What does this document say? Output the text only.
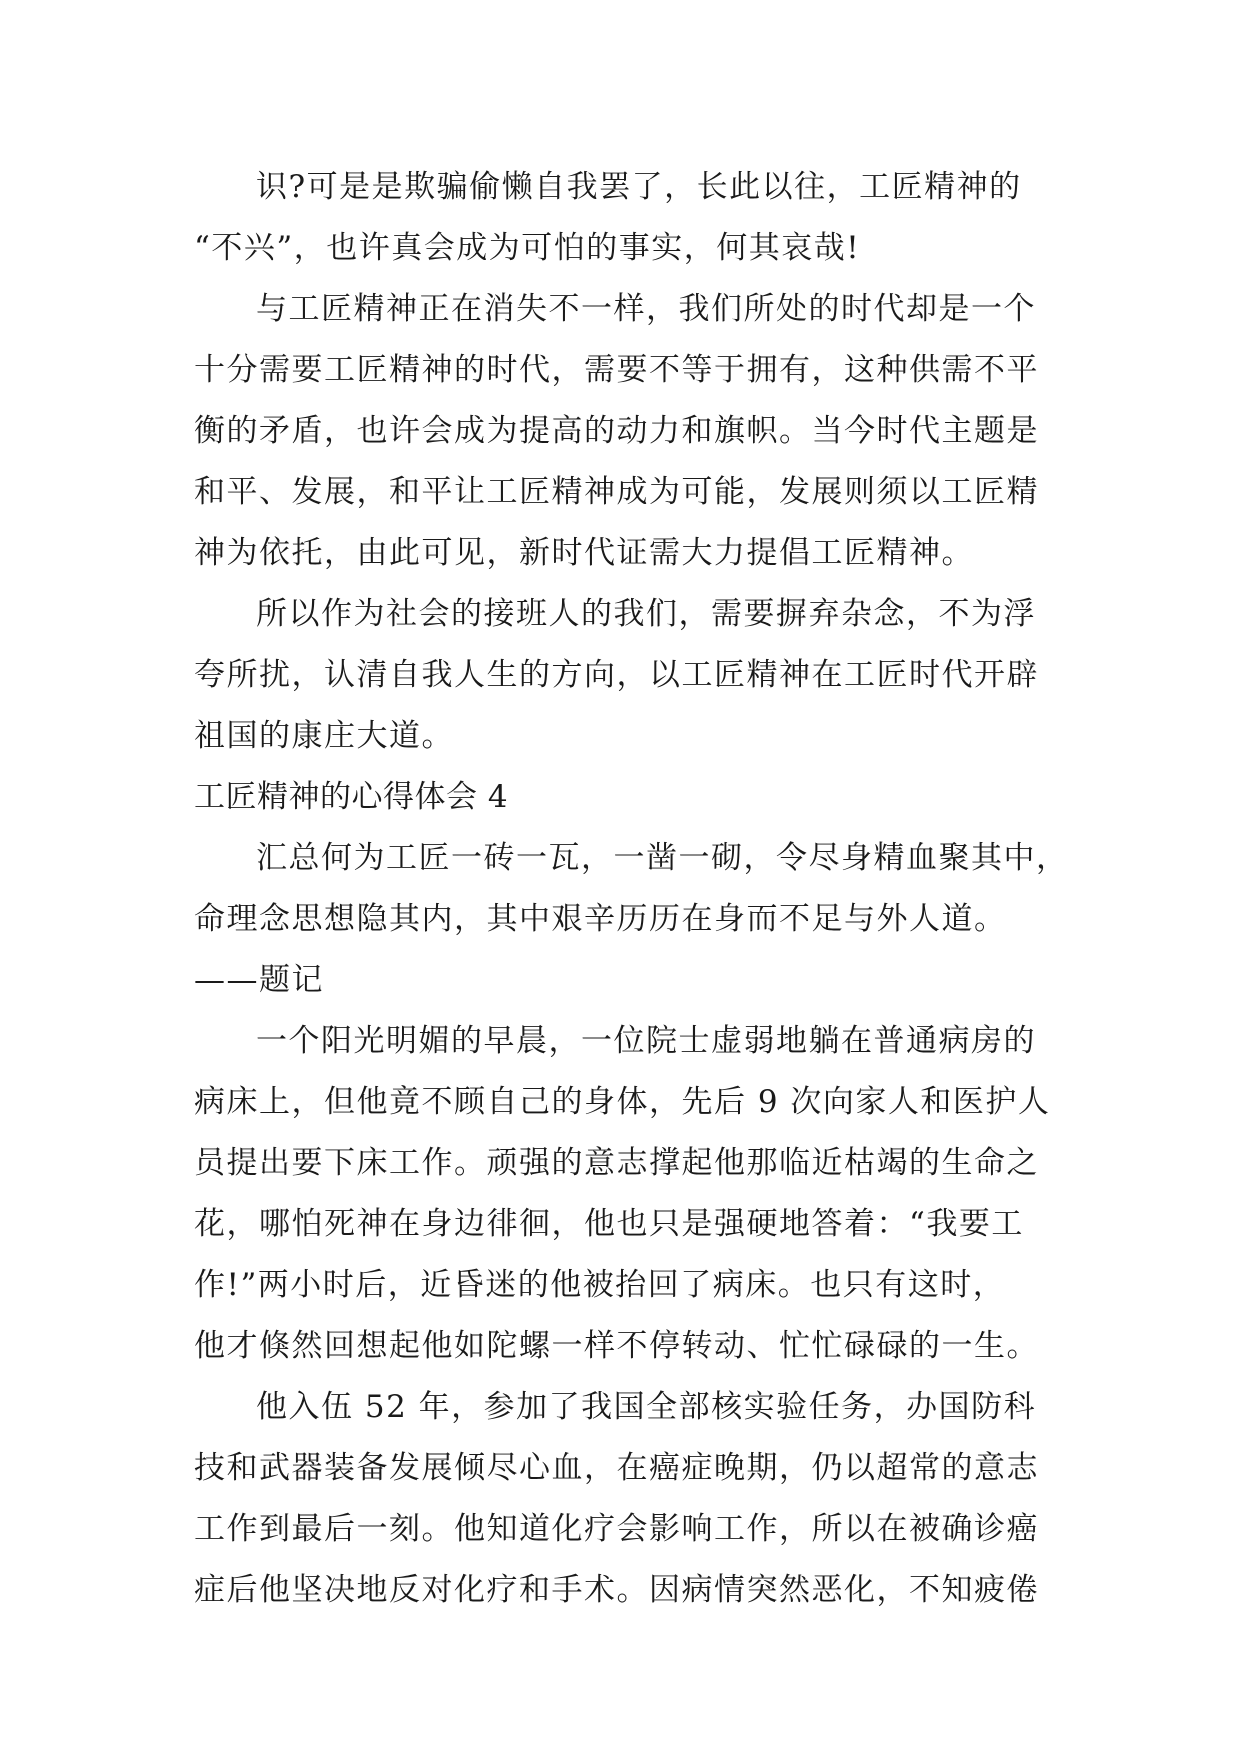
识?可是是欺骗偷懒自我罢了，长此以往，工匠精神的
“不兴”，也许真会成为可怕的事实，何其哀哉!
与工匠精神正在消失不一样，我们所处的时代却是一个
十分需要工匠精神的时代，需要不等于拥有，这种供需不平
衡的矛盾，也许会成为提高的动力和旗帜。当今时代主题是
和平、发展，和平让工匠精神成为可能，发展则须以工匠精
神为依托，由此可见，新时代证需大力提倡工匠精神。
所以作为社会的接班人的我们，需要摒弃杂念，不为浮
夸所扰，认清自我人生的方向，以工匠精神在工匠时代开辟
祖国的康庄大道。
工匠精神的心得体会 4
汇总何为工匠一砖一瓦，一凿一砌，令尽身精血聚其中，
命理念思想隐其内，其中艰辛历历在身而不足与外人道。
——题记
一个阳光明媚的早晨，一位院士虚弱地躺在普通病房的
病床上，但他竟不顾自己的身体，先后 9 次向家人和医护人
员提出要下床工作。顽强的意志撑起他那临近枯竭的生命之
花，哪怕死神在身边徘徊，他也只是强硬地答着：“我要工
作!”两小时后，近昏迷的他被抬回了病床。也只有这时，
他才倏然回想起他如陀螺一样不停转动、忙忙碌碌的一生。
他入伍 52 年，参加了我国全部核实验任务，办国防科
技和武器装备发展倾尽心血，在癌症晚期，仍以超常的意志
工作到最后一刻。他知道化疗会影响工作，所以在被确诊癌
症后他坚决地反对化疗和手术。因病情突然恶化，不知疲倦
